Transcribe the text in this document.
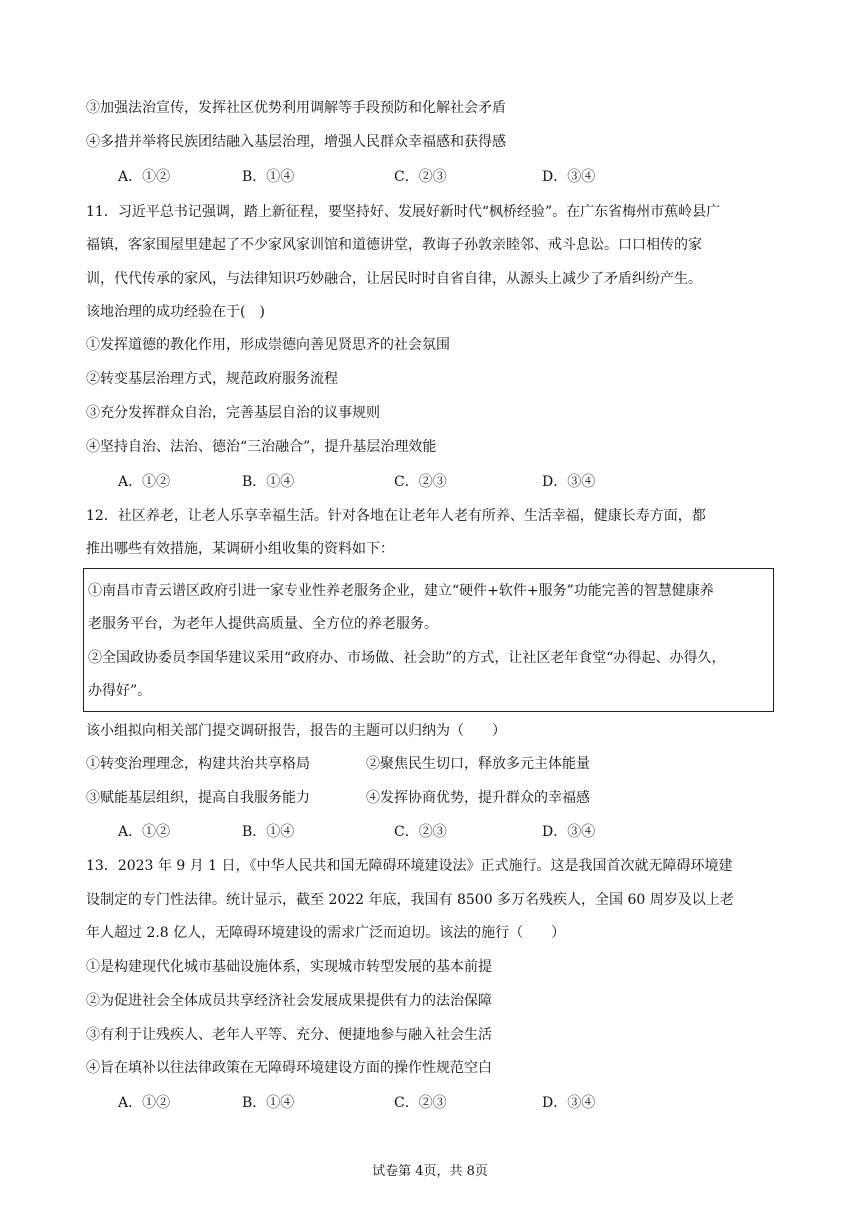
③加强法治宣传，发挥社区优势利用调解等手段预防和化解社会矛盾
④多措并举将民族团结融入基层治理，增强人民群众幸福感和获得感
A．①②	B．①④	C．②③	D．③④
11．习近平总书记强调，踏上新征程，要坚持好、发展好新时代“枫桥经验”。在广东省梅州市蕉岭县广
福镇，客家围屋里建起了不少家风家训馆和道德讲堂，教诲子孙敦亲睦邻、戒斗息讼。口口相传的家
训，代代传承的家风，与法律知识巧妙融合，让居民时时自省自律，从源头上减少了矛盾纠纷产生。
该地治理的成功经验在于(　)
①发挥道德的教化作用，形成崇德向善见贤思齐的社会氛围
②转变基层治理方式，规范政府服务流程
③充分发挥群众自治，完善基层自治的议事规则
④坚持自治、法治、德治“三治融合”，提升基层治理效能
A．①②	B．①④	C．②③	D．③④
12．社区养老，让老人乐享幸福生活。针对各地在让老年人老有所养、生活幸福，健康长寿方面，都
推出哪些有效措施，某调研小组收集的资料如下：
①南昌市青云谱区政府引进一家专业性养老服务企业，建立“硬件+软件+服务”功能完善的智慧健康养
老服务平台，为老年人提供高质量、全方位的养老服务。
②全国政协委员李国华建议采用“政府办、市场做、社会助”的方式，让社区老年食堂“办得起、办得久，
办得好”。
该小组拟向相关部门提交调研报告，报告的主题可以归纳为（　　）
①转变治理理念，构建共治共享格局	②聚焦民生切口，释放多元主体能量
③赋能基层组织，提高自我服务能力	④发挥协商优势，提升群众的幸福感
A．①②	B．①④	C．②③	D．③④
13．2023 年 9 月 1 日，《中华人民共和国无障碍环境建设法》正式施行。这是我国首次就无障碍环境建
设制定的专门性法律。统计显示，截至 2022 年底，我国有 8500 多万名残疾人，全国 60 周岁及以上老
年人超过 2.8 亿人，无障碍环境建设的需求广泛而迫切。该法的施行（　　）
①是构建现代化城市基础设施体系，实现城市转型发展的基本前提
②为促进社会全体成员共享经济社会发展成果提供有力的法治保障
③有利于让残疾人、老年人平等、充分、便捷地参与融入社会生活
④旨在填补以往法律政策在无障碍环境建设方面的操作性规范空白
A．①②	B．①④	C．②③	D．③④
试卷第 4页，共 8页
